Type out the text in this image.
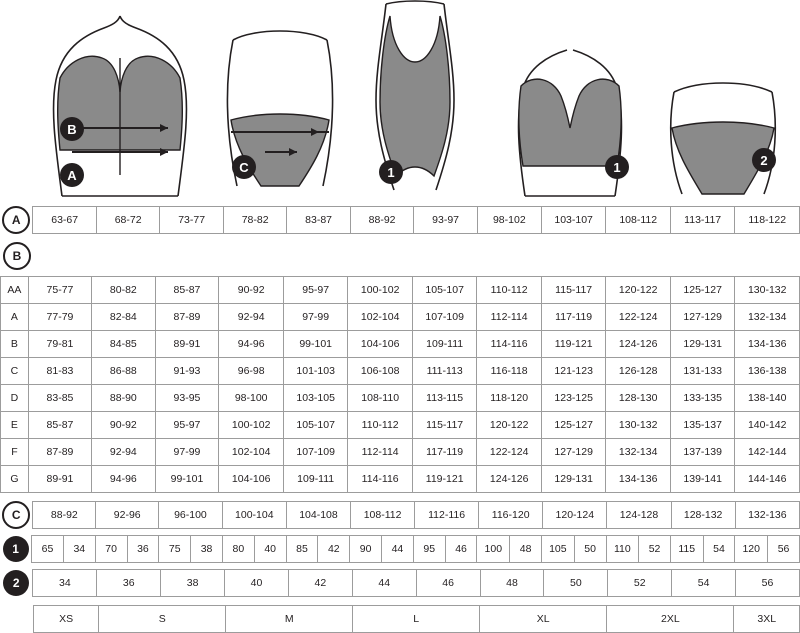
B
A
C	1	1	2
A	63-67	68-72	73-77	78-82	83-87	88-92	93-97	98-102	103-107	108-112	113-117	118-122
B
AA	75-77	80-82	85-87	90-92	95-97	100-102	105-107	110-112	115-117	120-122	125-127	130-132
A	77-79	82-84	87-89	92-94	97-99	102-104	107-109	112-114	117-119	122-124	127-129	132-134
B	79-81	84-85	89-91	94-96	99-101	104-106	109-111	114-116	119-121	124-126	129-131	134-136
C	81-83	86-88	91-93	96-98	101-103	106-108	111-113	116-118	121-123	126-128	131-133	136-138
D	83-85	88-90	93-95	98-100	103-105	108-110	113-115	118-120	123-125	128-130	133-135	138-140
E	85-87	90-92	95-97	100-102	105-107	110-112	115-117	120-122	125-127	130-132	135-137	140-142
F	87-89	92-94	97-99	102-104	107-109	112-114	117-119	122-124	127-129	132-134	137-139	142-144
G	89-91	94-96	99-101	104-106	109-111	114-116	119-121	124-126	129-131	134-136	139-141	144-146
C	88-92	92-96	96-100	100-104	104-108	108-112	112-116	116-120	120-124	124-128	128-132	132-136
1	65	34	70	36	75	38	80	40	85	42	90	44	95	46	100	48	105	50	110	52	115	54	120	56
2	34	36	38	40	42	44	46	48	50	52	54	56
XS	S	M	L	XL	2XL	3XL
